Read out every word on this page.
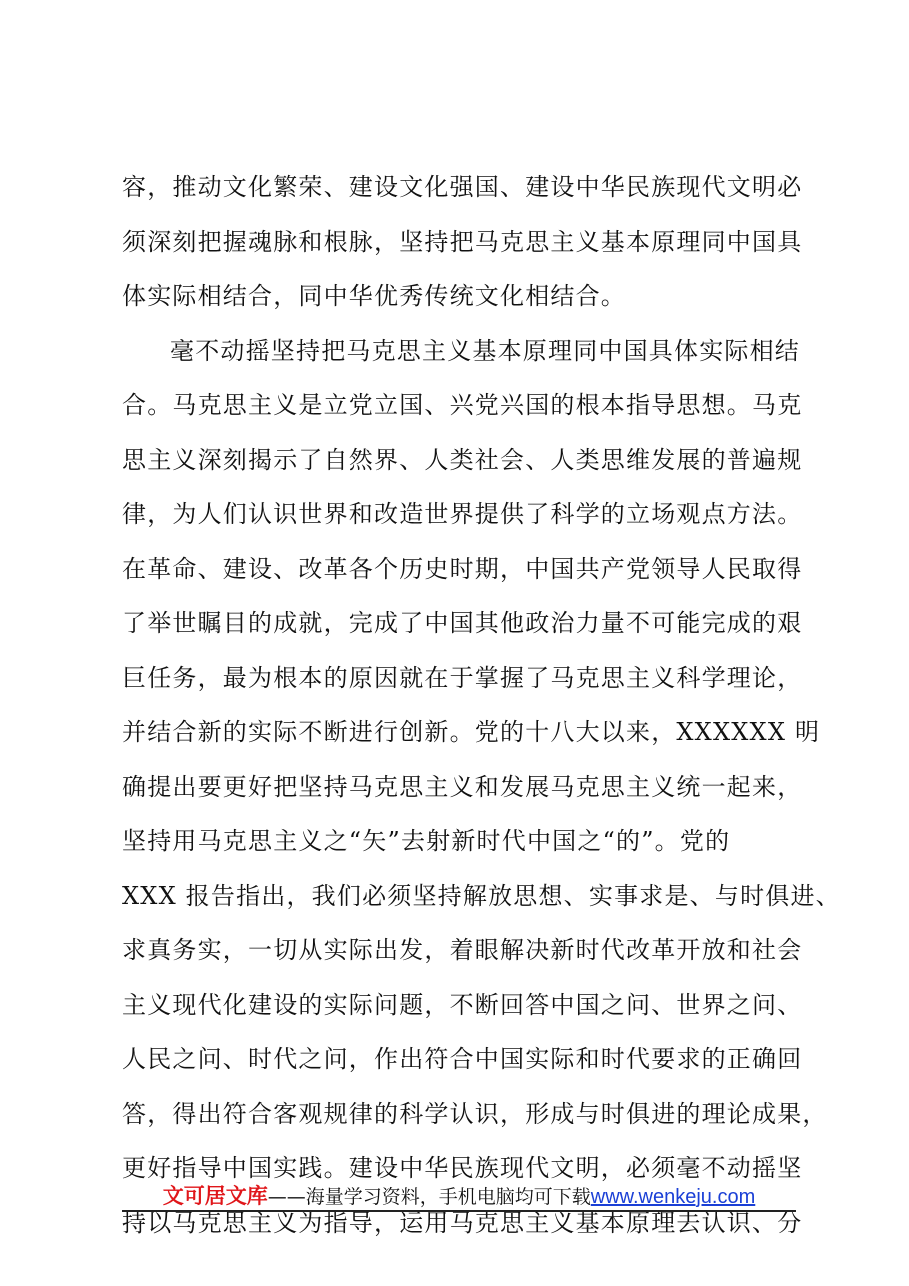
容，推动文化繁荣、建设文化强国、建设中华民族现代文明必
须深刻把握魂脉和根脉，坚持把马克思主义基本原理同中国具
体实际相结合，同中华优秀传统文化相结合。
毫不动摇坚持把马克思主义基本原理同中国具体实际相结
合。马克思主义是立党立国、兴党兴国的根本指导思想。马克
思主义深刻揭示了自然界、人类社会、人类思维发展的普遍规
律，为人们认识世界和改造世界提供了科学的立场观点方法。
在革命、建设、改革各个历史时期，中国共产党领导人民取得
了举世瞩目的成就，完成了中国其他政治力量不可能完成的艰
巨任务，最为根本的原因就在于掌握了马克思主义科学理论，
并结合新的实际不断进行创新。党的十八大以来，XXXXXX 明
确提出要更好把坚持马克思主义和发展马克思主义统一起来，
坚持用马克思主义之“矢”去射新时代中国之“的”。党的
XXX 报告指出，我们必须坚持解放思想、实事求是、与时俱进、
求真务实，一切从实际出发，着眼解决新时代改革开放和社会
主义现代化建设的实际问题，不断回答中国之问、世界之问、
人民之问、时代之问，作出符合中国实际和时代要求的正确回
答，得出符合客观规律的科学认识，形成与时俱进的理论成果，
更好指导中国实践。建设中华民族现代文明，必须毫不动摇坚
持以马克思主义为指导，运用马克思主义基本原理去认识、分
文可居文库——海量学习资料，手机电脑均可下载www.wenkeju.com
